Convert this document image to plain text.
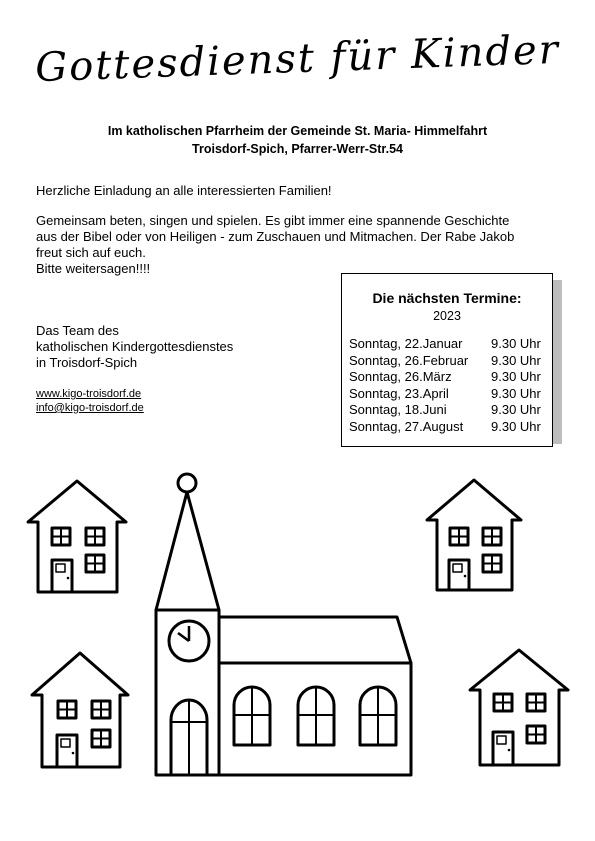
Gottesdienst für Kinder
Im katholischen Pfarrheim der Gemeinde St. Maria- Himmelfahrt
Troisdorf-Spich, Pfarrer-Werr-Str.54
Herzliche Einladung an alle interessierten Familien!
Gemeinsam beten, singen und spielen. Es gibt immer eine spannende Geschichte
aus der Bibel oder von Heiligen - zum Zuschauen und Mitmachen. Der Rabe Jakob
freut sich auf euch.
Bitte weitersagen!!!!
Das Team des
katholischen Kindergottesdienstes
in Troisdorf-Spich
www.kigo-troisdorf.de
info@kigo-troisdorf.de
Die nächsten Termine:
2023
Sonntag, 22.Januar	9.30 Uhr
Sonntag, 26.Februar	9.30 Uhr
Sonntag, 26.März	9.30 Uhr
Sonntag, 23.April	9.30 Uhr
Sonntag, 18.Juni	9.30 Uhr
Sonntag, 27.August	9.30 Uhr
